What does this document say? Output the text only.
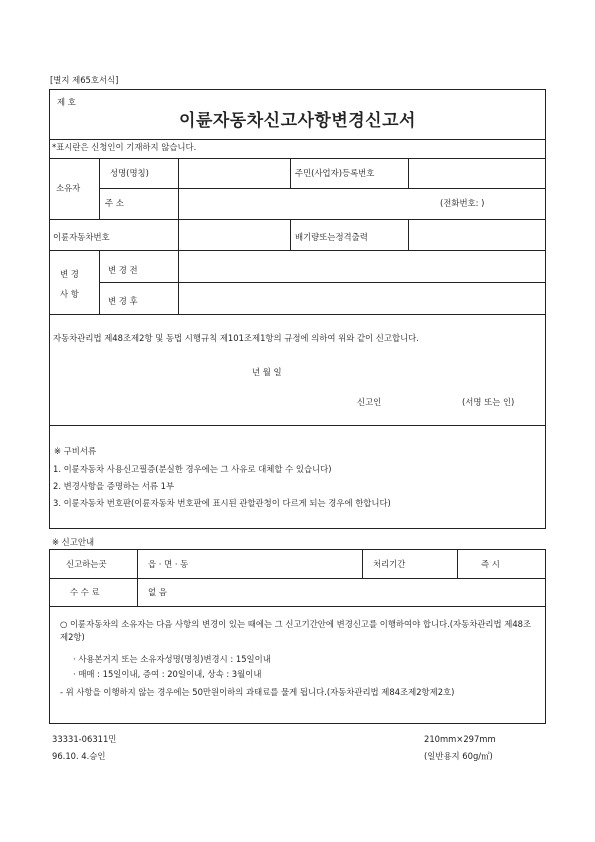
[별지 제65호서식]
제 호
이륜자동차신고사항변경신고서
*표시란은 신청인이 기재하지 않습니다.
소유자
성명(명칭)	주민(사업자)등록번호
주 소	(전화번호: )
이륜자동차번호	배기량또는정격출력
변 경
사 항
변 경 전
변 경 후
자동차관리법 제48조제2항 및 동법 시행규칙 제101조제1항의 규정에 의하여 위와 같이 신고합니다.
년 월 일
신고인	(서명 또는 인)
※ 구비서류
1. 이륜자동차 사용신고필증(분실한 경우에는 그 사유로 대체할 수 있습니다)
2. 변경사항을 증명하는 서류 1부
3. 이륜자동차 번호판(이륜자동차 번호판에 표시된 관할관청이 다르게 되는 경우에 한합니다)
※ 신고안내
신고하는곳	읍 · 면 · 동	처리기간	즉 시
수 수 료	없 음
○ 이륜자동차의 소유자는 다음 사항의 변경이 있는 때에는 그 신고기간안에 변경신고를 이행하여야 합니다.(자동차관리법 제48조제2항)
· 사용본거지 또는 소유자성명(명칭)변경시 : 15일이내
· 매매 : 15일이내, 증여 : 20일이내, 상속 : 3월이내
- 위 사항을 이행하지 않는 경우에는 50만원이하의 과태료를 물게 됩니다.(자동차관리법 제84조제2항제2호)
33331-06311민
96.10. 4.승인
210mm×297mm
(일반용지 60g/㎡)
